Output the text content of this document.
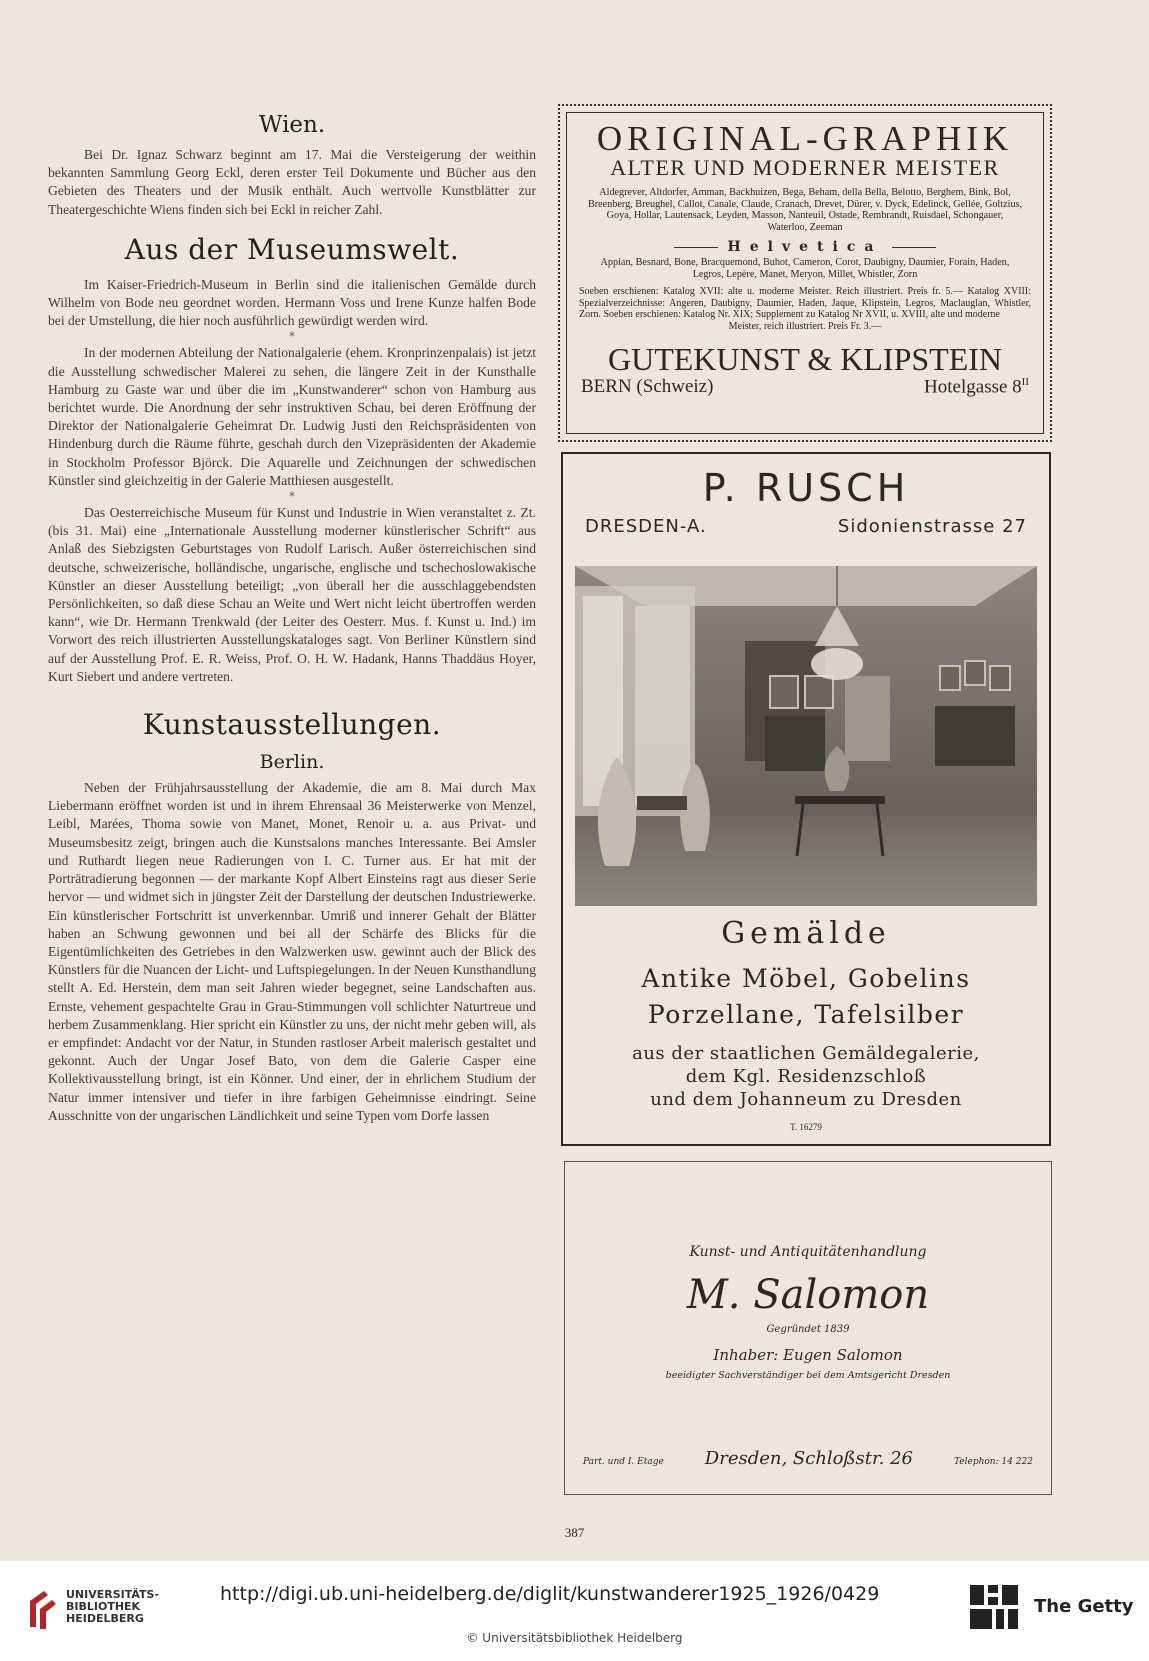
Wien.

Bei Dr. Ignaz Schwarz beginnt am 17. Mai die Versteigerung der weithin bekannten Sammlung Georg Eckl, deren erster Teil Dokumente und Bücher aus den Gebieten des Theaters und der Musik enthält. Auch wertvolle Kunstblätter zur Theatergeschichte Wiens finden sich bei Eckl in reicher Zahl.

Aus der Museumswelt.

Im Kaiser-Friedrich-Museum in Berlin sind die italienischen Gemälde durch Wilhelm von Bode neu geordnet worden. Hermann Voss und Irene Kunze halfen Bode bei der Umstellung, die hier noch ausführlich gewürdigt werden wird.

*

In der modernen Abteilung der Nationalgalerie (ehem. Kronprinzenpalais) ist jetzt die Ausstellung schwedischer Malerei zu sehen, die längere Zeit in der Kunsthalle Hamburg zu Gaste war und über die im „Kunstwanderer“ schon von Hamburg aus berichtet wurde. Die Anordnung der sehr instruktiven Schau, bei deren Eröffnung der Direktor der Nationalgalerie Geheimrat Dr. Ludwig Justi den Reichspräsidenten von Hindenburg durch die Räume führte, geschah durch den Vizepräsidenten der Akademie in Stockholm Professor Björck. Die Aquarelle und Zeichnungen der schwedischen Künstler sind gleichzeitig in der Galerie Matthiesen ausgestellt.

*

Das Oesterreichische Museum für Kunst und Industrie in Wien veranstaltet z. Zt. (bis 31. Mai) eine „Internationale Ausstellung moderner künstlerischer Schrift“ aus Anlaß des Siebzigsten Geburtstages von Rudolf Larisch. Außer österreichischen sind deutsche, schweizerische, holländische, ungarische, englische und tschechoslowakische Künstler an dieser Ausstellung beteiligt; „von überall her die ausschlaggebendsten Persönlichkeiten, so daß diese Schau an Weite und Wert nicht leicht übertroffen werden kann“, wie Dr. Hermann Trenkwald (der Leiter des Oesterr. Mus. f. Kunst u. Ind.) im Vorwort des reich illustrierten Ausstellungskataloges sagt. Von Berliner Künstlern sind auf der Ausstellung Prof. E. R. Weiss, Prof. O. H. W. Hadank, Hanns Thaddäus Hoyer, Kurt Siebert und andere vertreten.

Kunstausstellungen.
Berlin.

Neben der Frühjahrsausstellung der Akademie, die am 8. Mai durch Max Liebermann eröffnet worden ist und in ihrem Ehrensaal 36 Meisterwerke von Menzel, Leibl, Marées, Thoma sowie von Manet, Monet, Renoir u. a. aus Privat- und Museumsbesitz zeigt, bringen auch die Kunstsalons manches Interessante. Bei Amsler und Ruthardt liegen neue Radierungen von I. C. Turner aus. Er hat mit der Porträtradierung begonnen — der markante Kopf Albert Einsteins ragt aus dieser Serie hervor — und widmet sich in jüngster Zeit der Darstellung der deutschen Industriewerke. Ein künstlerischer Fortschritt ist unverkennbar. Umriß und innerer Gehalt der Blätter haben an Schwung gewonnen und bei all der Schärfe des Blicks für die Eigentümlichkeiten des Getriebes in den Walzwerken usw. gewinnt auch der Blick des Künstlers für die Nuancen der Licht- und Luftspiegelungen. In der Neuen Kunsthandlung stellt A. Ed. Herstein, dem man seit Jahren wieder begegnet, seine Landschaften aus. Ernste, vehement gespachtelte Grau in Grau-Stimmungen voll schlichter Naturtreue und herbem Zusammenklang. Hier spricht ein Künstler zu uns, der nicht mehr geben will, als er empfindet: Andacht vor der Natur, in Stunden rastloser Arbeit malerisch gestaltet und gekonnt. Auch der Ungar Josef Bato, von dem die Galerie Casper eine Kollektivausstellung bringt, ist ein Könner. Und einer, der in ehrlichem Studium der Natur immer intensiver und tiefer in ihre farbigen Geheimnisse eindringt. Seine Ausschnitte von der ungarischen Ländlichkeit und seine Typen vom Dorfe lassen

ORIGINAL-GRAPHIK
ALTER UND MODERNER MEISTER
Aldegrever, Altdorfer, Amman, Backhuizen, Bega, Beham, della Bella, Belotto, Berghem, Bink, Bol, Breenberg, Breughel, Callot, Canale, Claude, Cranach, Drevet, Dürer, v. Dyck, Edelinck, Gellée, Goltzius, Goya, Hollar, Lautensack, Leyden, Masson, Nanteuil, Ostade, Rembrandt, Ruisdael, Schongauer, Waterloo, Zeeman
Helvetica
Appian, Besnard, Bone, Bracquemond, Buhot, Cameron, Corot, Daubigny, Daumier, Forain, Haden, Legros, Lepère, Manet, Meryon, Millet, Whistler, Zorn
Soeben erschienen: Katalog XVII: alte u. moderne Meister. Reich illustriert. Preis fr. 5.— Katalog XVIII: Spezialverzeichnisse: Angeren, Daubigny, Daumier, Haden, Jaque, Klipstein, Legros, Maclauglan, Whistler, Zorn. Soeben erschienen: Katalog Nr. XIX; Supplement zu Katalog Nr XVII, u. XVIII, alte und moderne
Meister, reich illustriert. Preis Fr. 3.—
GUTEKUNST & KLIPSTEIN
BERN (Schweiz)	Hotelgasse $8^{II}$
P. RUSCH
DRESDEN-A.	Sidonienstrasse 27
Gemälde
Antike Möbel, Gobelins
Porzellane, Tafelsilber
aus der staatlichen Gemäldegalerie,
dem Kgl. Residenzschloß
und dem Johanneum zu Dresden
T. 16279
Kunst- und Antiquitätenhandlung
M. Salomon
Gegründet 1839
Inhaber: Eugen Salomon
beeidigter Sachverständiger bei dem Amtsgericht Dresden
Part. und I. Etage Dresden, Schloßstr. 26	Telephon: 14 222
387
UNIVERSITÄTS-
BIBLIOTHEK
HEIDELBERG
http://digi.ub.uni-heidelberg.de/diglit/kunstwanderer1925_1926/0429
© Universitätsbibliothek Heidelberg
The Getty
